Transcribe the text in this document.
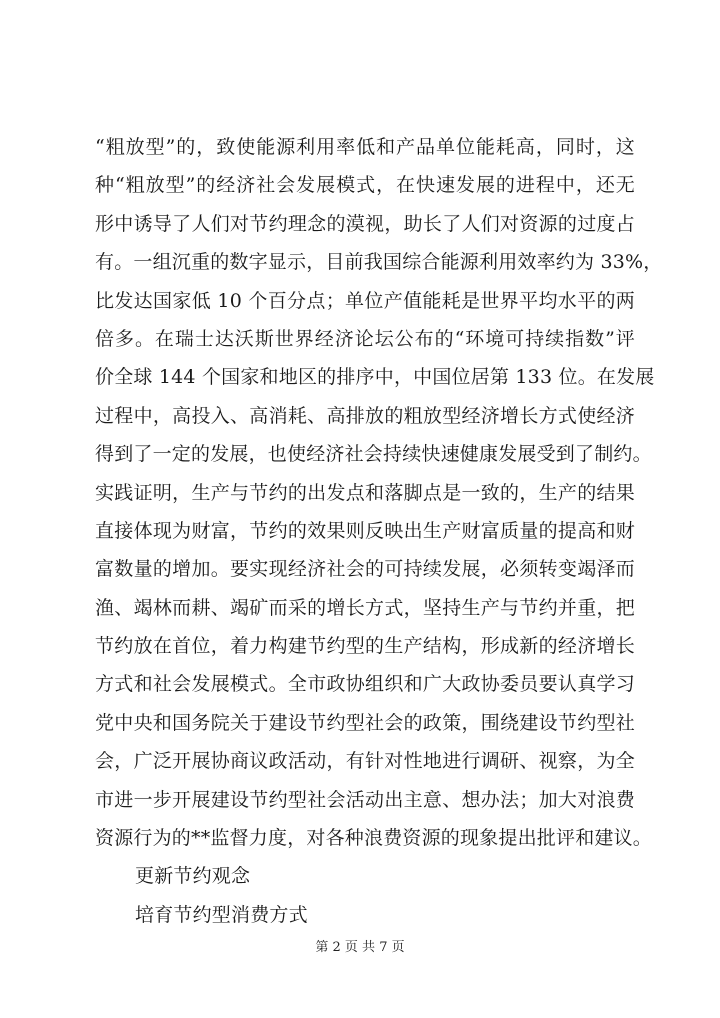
“粗放型”的，致使能源利用率低和产品单位能耗高，同时，这
种“粗放型”的经济社会发展模式，在快速发展的进程中，还无
形中诱导了人们对节约理念的漠视，助长了人们对资源的过度占
有。一组沉重的数字显示，目前我国综合能源利用效率约为 33%，
比发达国家低 10 个百分点；单位产值能耗是世界平均水平的两
倍多。在瑞士达沃斯世界经济论坛公布的“环境可持续指数”评
价全球 144 个国家和地区的排序中，中国位居第 133 位。在发展
过程中，高投入、高消耗、高排放的粗放型经济增长方式使经济
得到了一定的发展，也使经济社会持续快速健康发展受到了制约。
实践证明，生产与节约的出发点和落脚点是一致的，生产的结果
直接体现为财富，节约的效果则反映出生产财富质量的提高和财
富数量的增加。要实现经济社会的可持续发展，必须转变竭泽而
渔、竭林而耕、竭矿而采的增长方式，坚持生产与节约并重，把
节约放在首位，着力构建节约型的生产结构，形成新的经济增长
方式和社会发展模式。全市政协组织和广大政协委员要认真学习
党中央和国务院关于建设节约型社会的政策，围绕建设节约型社
会，广泛开展协商议政活动，有针对性地进行调研、视察，为全
市进一步开展建设节约型社会活动出主意、想办法；加大对浪费
资源行为的**监督力度，对各种浪费资源的现象提出批评和建议。
更新节约观念
培育节约型消费方式
第 2 页 共 7 页
